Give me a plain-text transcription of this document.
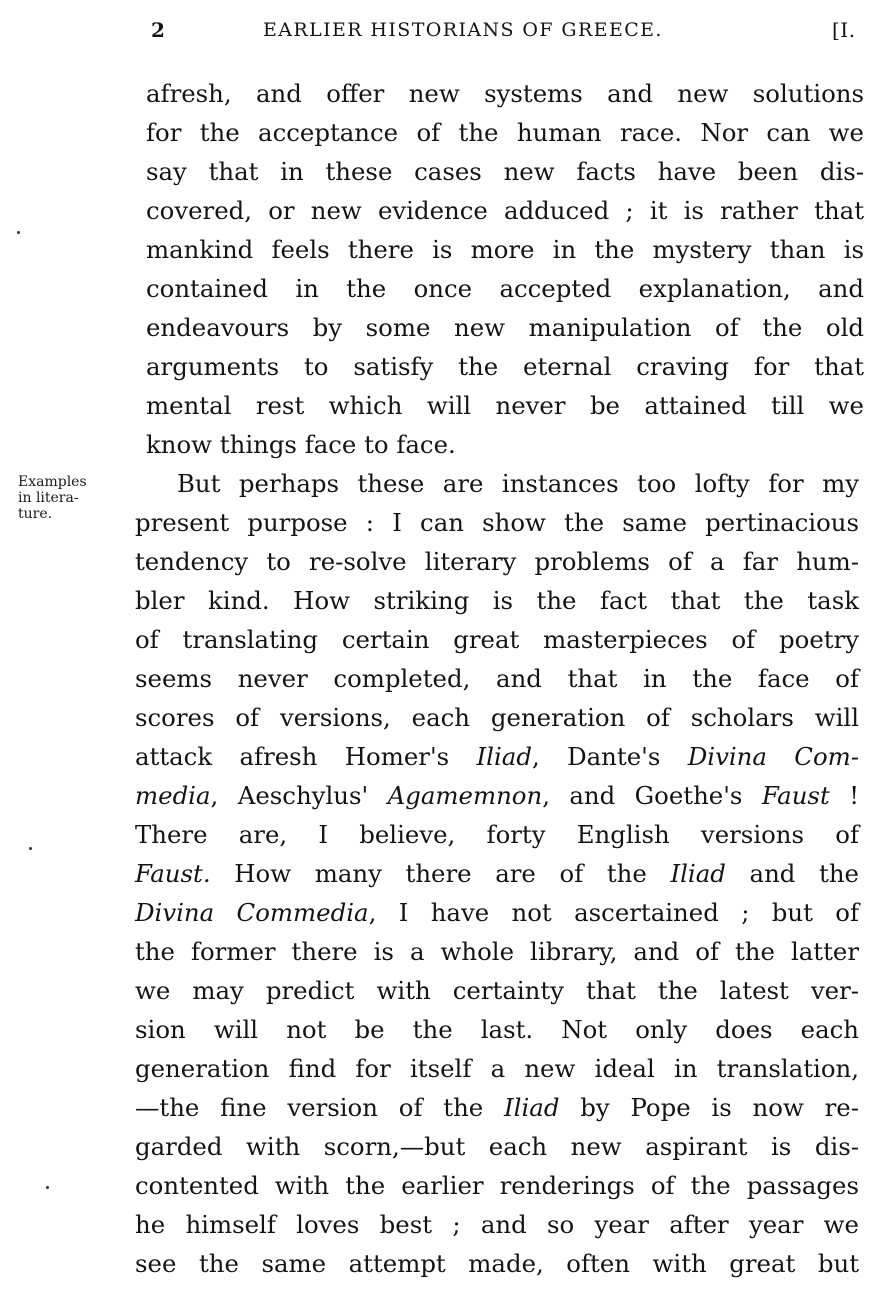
2	EARLIER HISTORIANS OF GREECE.	[I.
Examples
in litera-
ture.
afresh, and offer new systems and new solutions
for the acceptance of the human race. Nor can we
say that in these cases new facts have been dis-
covered, or new evidence adduced ; it is rather that
mankind feels there is more in the mystery than is
contained in the once accepted explanation, and
endeavours by some new manipulation of the old
arguments to satisfy the eternal craving for that
mental rest which will never be attained till we
know things face to face.
But perhaps these are instances too lofty for my
present purpose : I can show the same pertinacious
tendency to re-solve literary problems of a far hum-
bler kind. How striking is the fact that the task
of translating certain great masterpieces of poetry
seems never completed, and that in the face of
scores of versions, each generation of scholars will
attack afresh Homer's Iliad, Dante's Divina Com-
media, Aeschylus' Agamemnon, and Goethe's Faust !
There are, I believe, forty English versions of
Faust. How many there are of the Iliad and the
Divina Commedia, I have not ascertained ; but of
the former there is a whole library, and of the latter
we may predict with certainty that the latest ver-
sion will not be the last. Not only does each
generation find for itself a new ideal in translation,
—the fine version of the Iliad by Pope is now re-
garded with scorn,—but each new aspirant is dis-
contented with the earlier renderings of the passages
he himself loves best ; and so year after year we
see the same attempt made, often with great but
